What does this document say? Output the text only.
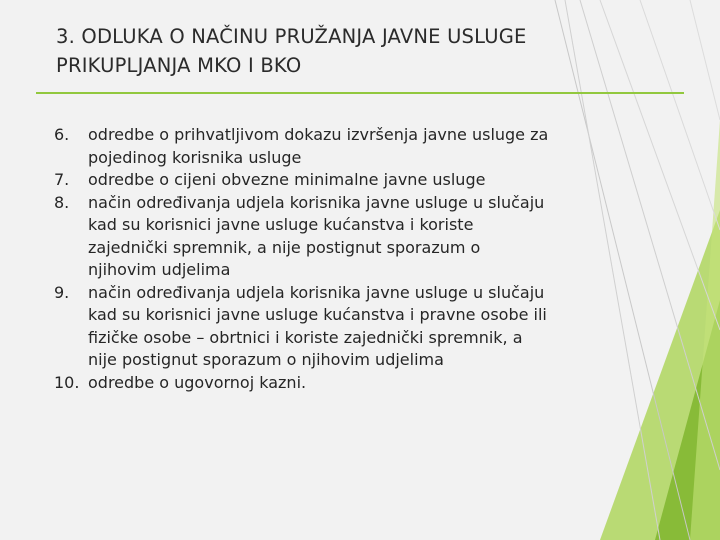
3. ODLUKA O NAČINU PRUŽANJA JAVNE USLUGE
PRIKUPLJANJA MKO I BKO
6.	odredbe o prihvatljivom dokazu izvršenja javne usluge za
pojedinog korisnika usluge
7.	odredbe o cijeni obvezne minimalne javne usluge
8.	način određivanja udjela korisnika javne usluge u slučaju
kad su korisnici javne usluge kućanstva i koriste
zajednički spremnik, a nije postignut sporazum o
njihovim udjelima
9.	način određivanja udjela korisnika javne usluge u slučaju
kad su korisnici javne usluge kućanstva i pravne osobe ili
fizičke osobe – obrtnici i koriste zajednički spremnik, a
nije postignut sporazum o njihovim udjelima
10. odredbe o ugovornoj kazni.
